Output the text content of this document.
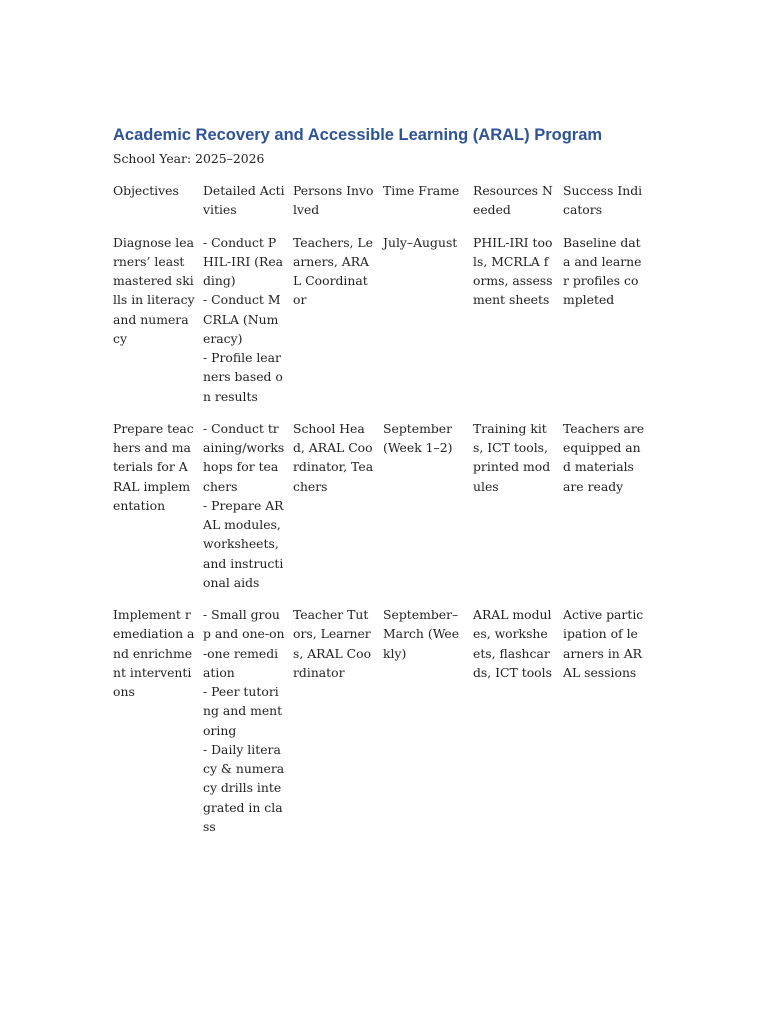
Academic Recovery and Accessible Learning (ARAL) Program
School Year: 2025–2026
Objectives	Detailed Activities	Persons Involved	Time Frame	Resources Needed	Success Indicators
Diagnose learners’ least mastered skills in literacy and numeracy	- Conduct PHIL-IRI (Reading)
- Conduct MCRLA (Numeracy)
- Profile learners based on results	Teachers, Learners, ARAL Coordinator	July–August	PHIL-IRI tools, MCRLA forms, assessment sheets	Baseline data and learner profiles completed
Prepare teachers and materials for ARAL implementation	- Conduct training/workshops for teachers
- Prepare ARAL modules, worksheets, and instructional aids	School Head, ARAL Coordinator, Teachers	September (Week 1–2)	Training kits, ICT tools, printed modules	Teachers are equipped and materials are ready
Implement remediation and enrichment interventions	- Small group and one-on-one remediation
- Peer tutoring and mentoring
- Daily literacy & numeracy drills integrated in class	Teacher Tutors, Learners, ARAL Coordinator	September–March (Weekly)	ARAL modules, worksheets, flashcards, ICT tools	Active participation of learners in ARAL sessions
